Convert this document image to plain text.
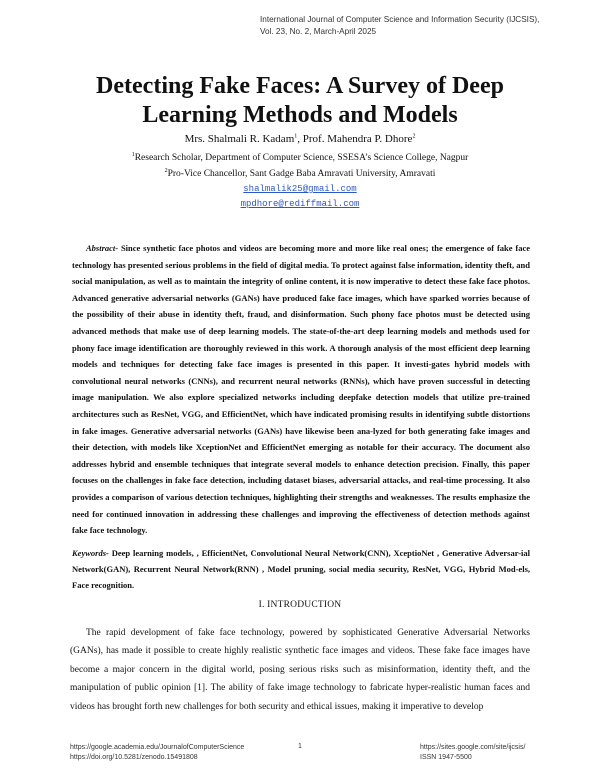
International Journal of Computer Science and Information Security (IJCSIS),
Vol. 23, No. 2, March-April 2025
Detecting Fake Faces: A Survey of Deep
Learning Methods and Models
Mrs. Shalmali R. Kadam$^1$, Prof. Mahendra P. Dhore$^2$
$^1$Research Scholar, Department of Computer Science, SSESA’s Science College, Nagpur
$^2$Pro-Vice Chancellor, Sant Gadge Baba Amravati University, Amravati
shalmalik25@gmail.com
mpdhore@rediffmail.com
Abstract- Since synthetic face photos and videos are becoming more and more like real ones; the emergence of fake face technology has presented serious problems in the field of digital media. To protect against false information, identity theft, and social manipulation, as well as to maintain the integrity of online content, it is now imperative to detect these fake face photos. Advanced generative adversarial networks (GANs) have produced fake face images, which have sparked worries because of the possibility of their abuse in identity theft, fraud, and disinformation. Such phony face photos must be detected using advanced methods that make use of deep learning models. The state-of-the-art deep learning models and methods used for phony face image identification are thoroughly reviewed in this work. A thorough analysis of the most efficient deep learning models and techniques for detecting fake face images is presented in this paper. It investi-gates hybrid models with convolutional neural networks (CNNs), and recurrent neural networks (RNNs), which have proven successful in detecting image manipulation. We also explore specialized networks including deepfake detection models that utilize pre-trained architectures such as ResNet, VGG, and EfficientNet, which have indicated promising results in identifying subtle distortions in fake images. Generative adversarial networks (GANs) have likewise been ana-lyzed for both generating fake images and their detection, with models like XceptionNet and EfficientNet emerging as notable for their accuracy. The document also addresses hybrid and ensemble techniques that integrate several models to enhance detection precision. Finally, this paper focuses on the challenges in fake face detection, including dataset biases, adversarial attacks, and real-time processing. It also provides a comparison of various detection techniques, highlighting their strengths and weaknesses. The results emphasize the need for continued innovation in addressing these challenges and improving the effectiveness of detection methods against fake face technology.
Keywords- Deep learning models, , EfficientNet, Convolutional Neural Network(CNN), XceptioNet , Generative Adversar-ial Network(GAN), Recurrent Neural Network(RNN) , Model pruning, social media security, ResNet, VGG, Hybrid Mod-els, Face recognition.
I. INTRODUCTION
The rapid development of fake face technology, powered by sophisticated Generative Adversarial Networks (GANs), has made it possible to create highly realistic synthetic face images and videos. These fake face images have become a major concern in the digital world, posing serious risks such as misinformation, identity theft, and the manipulation of public opinion [1]. The ability of fake image technology to fabricate hyper-realistic human faces and videos has brought forth new challenges for both security and ethical issues, making it imperative to develop
https://google.academia.edu/JournalofComputerScience
https://doi.org/10.5281/zenodo.15491808
1	https://sites.google.com/site/ijcsis/
ISSN 1947-5500
